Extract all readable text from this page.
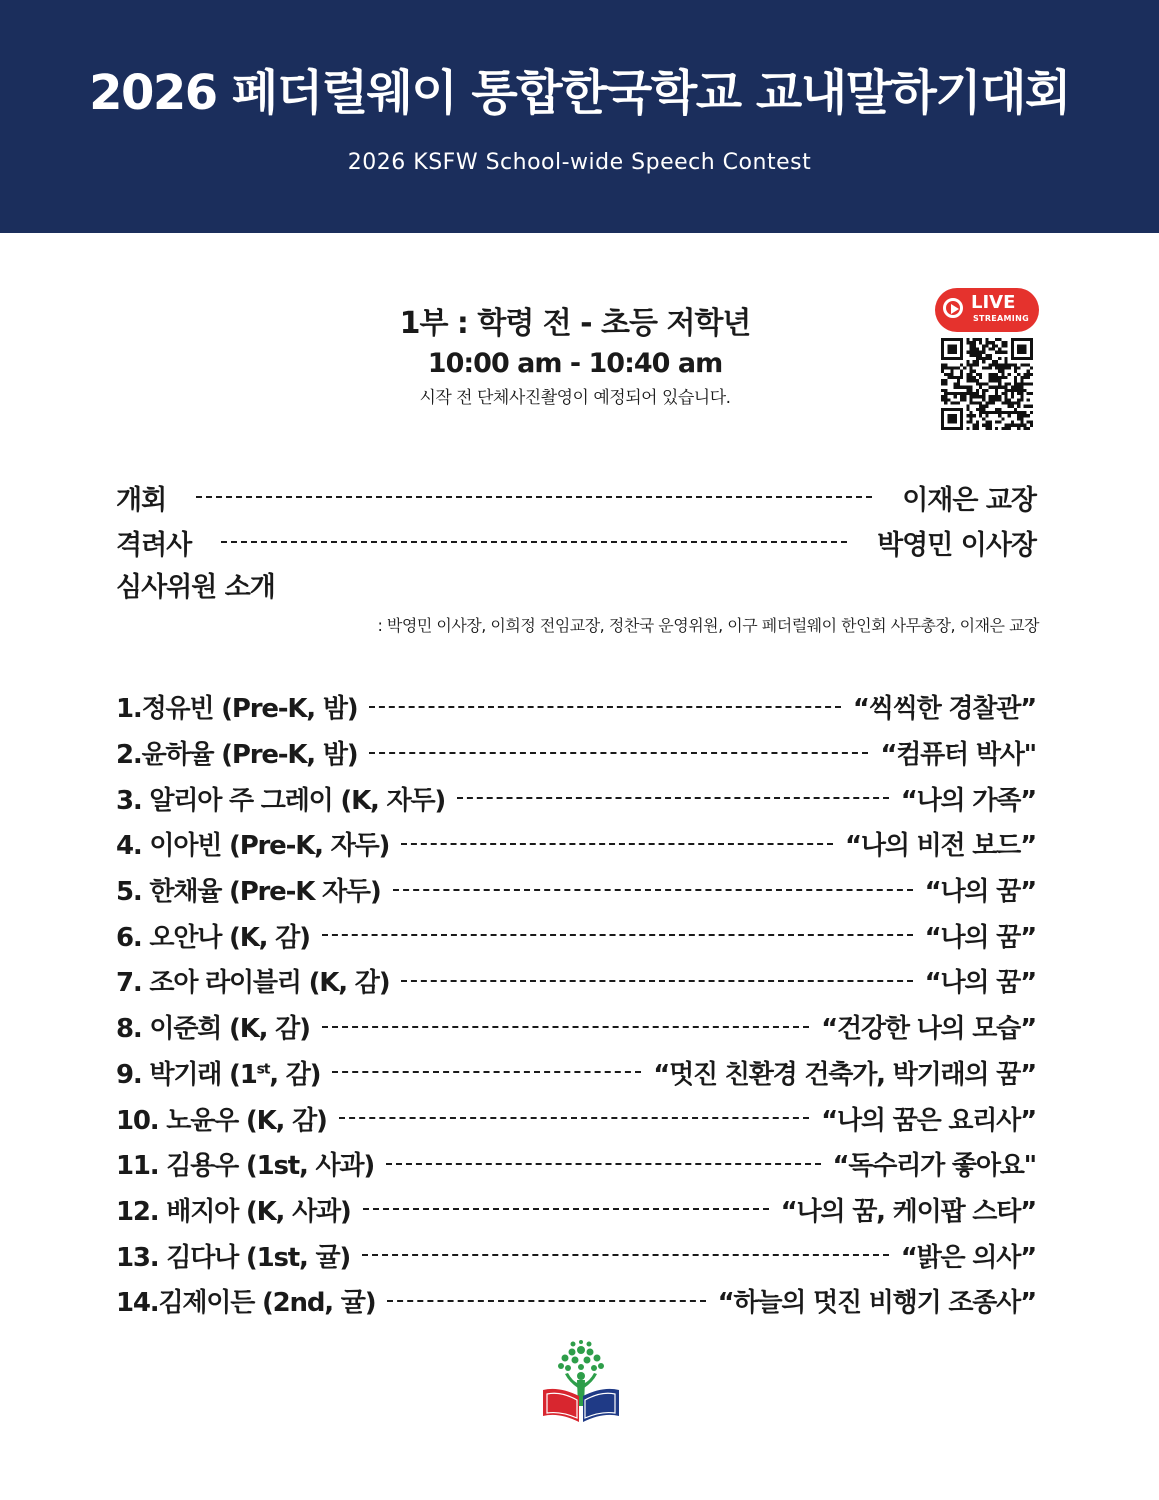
2026 페더럴웨이 통합한국학교 교내말하기대회
2026 KSFW School-wide Speech Contest
1부 : 학령 전 - 초등 저학년
10:00 am - 10:40 am
시작 전 단체사진촬영이 예정되어 있습니다.
LIVE
STREAMING
개회	이재은 교장
격려사	박영민 이사장
심사위원 소개
: 박영민 이사장, 이희정 전임교장, 정찬국 운영위원, 이구 페더럴웨이 한인회 사무총장, 이재은 교장
1.정유빈 (Pre-K, 밤)	“씩씩한 경찰관”
2.윤하율 (Pre-K, 밤)	“컴퓨터 박사"
3. 알리아 주 그레이 (K, 자두)	“나의 가족”
4. 이아빈 (Pre-K, 자두)	“나의 비전 보드”
5. 한채율 (Pre-K 자두)	“나의 꿈”
6. 오안나 (K, 감)	“나의 꿈”
7. 조아 라이블리 (K, 감)	“나의 꿈”
8. 이준희 (K, 감)	“건강한 나의 모습”
9. 박기래 (1st, 감)	“멋진 친환경 건축가, 박기래의 꿈”
10. 노윤우 (K, 감)	“나의 꿈은 요리사”
11. 김용우 (1st, 사과)	“독수리가 좋아요"
12. 배지아 (K, 사과)	“나의 꿈, 케이팝 스타”
13. 김다나 (1st, 귤)	“밝은 의사”
14.김제이든 (2nd, 귤)	“하늘의 멋진 비행기 조종사”
